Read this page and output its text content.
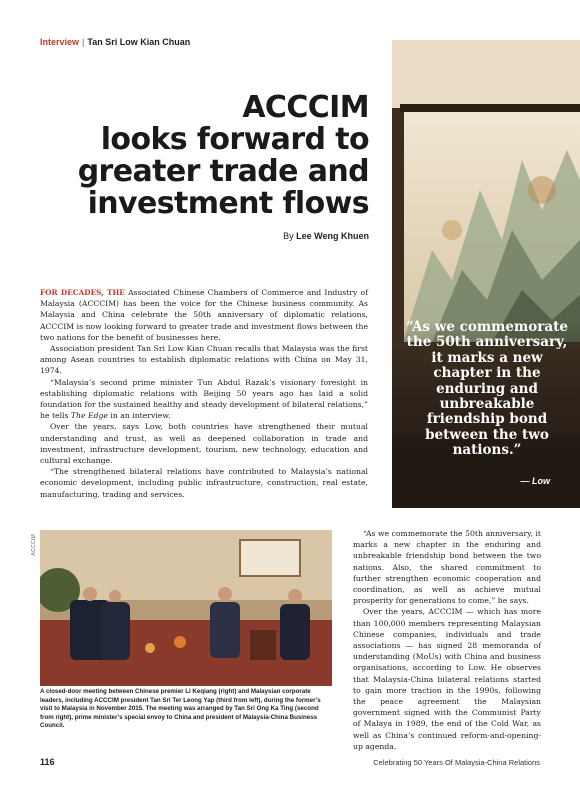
Interview | Tan Sri Low Kian Chuan
ACCCIM
looks forward to
greater trade and
investment flows
By Lee Weng Khuen

FOR DECADES, THE Associated Chinese Chambers of Commerce and Industry of Malaysia (ACCCIM) has been the voice for the Chinese business community. As Malaysia and China celebrate the 50th anniversary of diplomatic relations, ACCCIM is now looking forward to greater trade and investment flows between the two nations for the benefit of businesses here.

Association president Tan Sri Low Kian Chuan recalls that Malaysia was the first among Asean countries to establish diplomatic relations with China on May 31, 1974.

“Malaysia’s second prime minister Tun Abdul Razak’s visionary foresight in establishing diplomatic relations with Beijing 50 years ago has laid a solid foundation for the sustained healthy and steady development of bilateral relations,” he tells The Edge in an interview.

Over the years, says Low, both countries have strengthened their mutual understanding and trust, as well as deepened collaboration in trade and investment, infrastructure development, tourism, new technology, education and cultural exchange.

“The strengthened bilateral relations have contributed to Malaysia’s national economic development, including public infrastructure, construction, real estate, manufacturing, trading and services.

“As we commemorate the 50th anniversary, it marks a new chapter in the enduring and unbreakable friendship bond between the two nations.”
— Low
ACCCIM
A closed-door meeting between Chinese premier Li Keqiang (right) and Malaysian corporate leaders, including ACCCIM president Tan Sri Ter Leong Yap (third from left), during the former’s visit to Malaysia in November 2015. The meeting was arranged by Tan Sri Ong Ka Ting (second from right), prime minister’s special envoy to China and president of Malaysia-China Business Council.

“As we commemorate the 50th anniversary, it marks a new chapter in the enduring and unbreakable friendship bond between the two nations. Also, the shared commitment to further strengthen economic cooperation and coordination, as well as achieve mutual prosperity for generations to come,” he says.

Over the years, ACCCIM — which has more than 100,000 members representing Malaysian Chinese companies, individuals and trade associations — has signed 28 memoranda of understanding (MoUs) with China and business organisations, according to Low. He observes that Malaysia-China bilateral relations started to gain more traction in the 1990s, following the peace agreement the Malaysian government signed with the Communist Party of Malaya in 1989, the end of the Cold War, as well as China’s continued reform-and-opening-up agenda.

116	Celebrating 50 Years Of Malaysia-China Relations
